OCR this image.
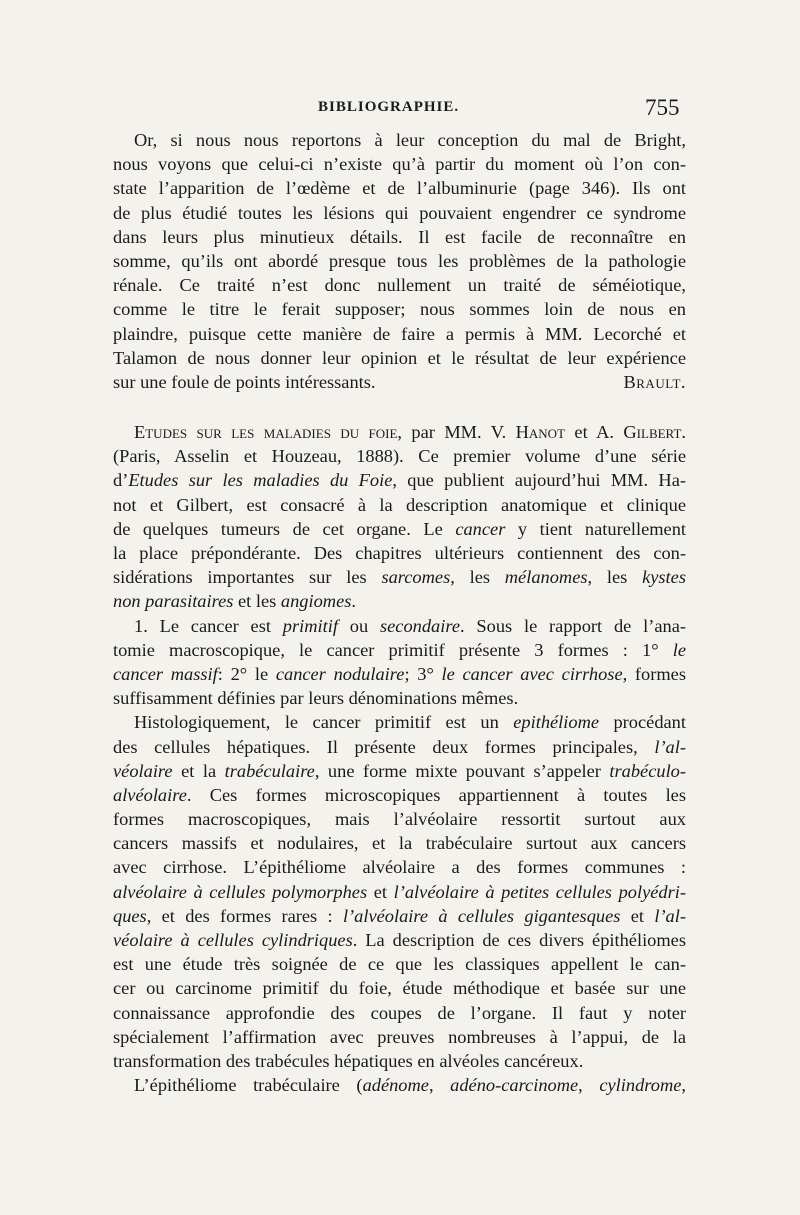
BIBLIOGRAPHIE.	755
Or, si nous nous reportons à leur conception du mal de Bright,
nous voyons que celui-ci n’existe qu’à partir du moment où l’on con-
state l’apparition de l’œdème et de l’albuminurie (page 346). Ils ont
de plus étudié toutes les lésions qui pouvaient engendrer ce syndrome
dans leurs plus minutieux détails. Il est facile de reconnaître en
somme, qu’ils ont abordé presque tous les problèmes de la pathologie
rénale. Ce traité n’est donc nullement un traité de séméiotique,
comme le titre le ferait supposer; nous sommes loin de nous en
plaindre, puisque cette manière de faire a permis à MM. Lecorché et
Talamon de nous donner leur opinion et le résultat de leur expérience
sur une foule de points intéressants.	Brault.
Etudes sur les maladies du foie, par MM. V. Hanot et A. Gilbert.
(Paris, Asselin et Houzeau, 1888). Ce premier volume d’une série
d’Etudes sur les maladies du Foie, que publient aujourd’hui MM. Ha-
not et Gilbert, est consacré à la description anatomique et clinique
de quelques tumeurs de cet organe. Le cancer y tient naturellement
la place prépondérante. Des chapitres ultérieurs contiennent des con-
sidérations importantes sur les sarcomes, les mélanomes, les kystes
non parasitaires et les angiomes.
1. Le cancer est primitif ou secondaire. Sous le rapport de l’ana-
tomie macroscopique, le cancer primitif présente 3 formes : 1° le
cancer massif: 2° le cancer nodulaire; 3° le cancer avec cirrhose, formes
suffisamment définies par leurs dénominations mêmes.
Histologiquement, le cancer primitif est un epithéliome procédant
des cellules hépatiques. Il présente deux formes principales, l’al-
véolaire et la trabéculaire, une forme mixte pouvant s’appeler trabéculo-
alvéolaire. Ces formes microscopiques appartiennent à toutes les
formes macroscopiques, mais l’alvéolaire ressortit surtout aux
cancers massifs et nodulaires, et la trabéculaire surtout aux cancers
avec cirrhose. L’épithéliome alvéolaire a des formes communes :
alvéolaire à cellules polymorphes et l’alvéolaire à petites cellules polyédri-
ques, et des formes rares : l’alvéolaire à cellules gigantesques et l’al-
véolaire à cellules cylindriques. La description de ces divers épithéliomes
est une étude très soignée de ce que les classiques appellent le can-
cer ou carcinome primitif du foie, étude méthodique et basée sur une
connaissance approfondie des coupes de l’organe. Il faut y noter
spécialement l’affirmation avec preuves nombreuses à l’appui, de la
transformation des trabécules hépatiques en alvéoles cancéreux.
L’épithéliome trabéculaire (adénome, adéno-carcinome, cylindrome,
